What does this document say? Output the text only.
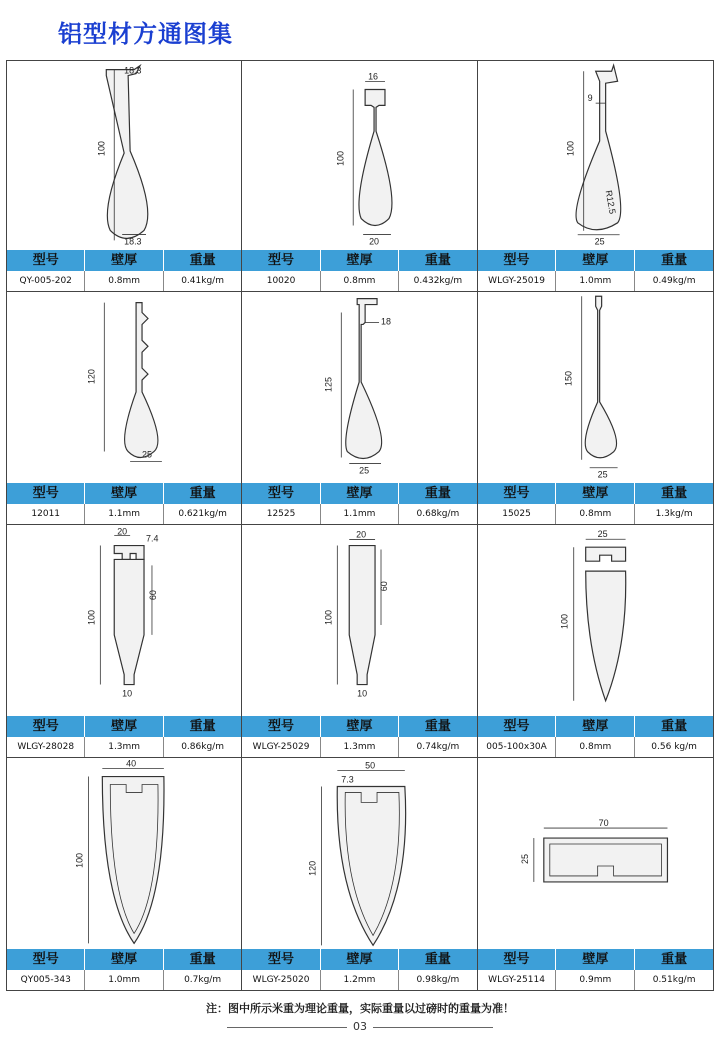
铝型材方通图集
100
18.3
18.3
型号	壁厚	重量
QY-005-202	0.8mm	0.41kg/m
100
16
20
型号	壁厚	重量
10020	0.8mm	0.432kg/m
100
9
R12.5
25
型号	壁厚	重量
WLGY-25019	1.0mm	0.49kg/m
120
25
型号	壁厚	重量
12011	1.1mm	0.621kg/m
125
18
25
型号	壁厚	重量
12525	1.1mm	0.68kg/m
150
25
型号	壁厚	重量
15025	0.8mm	1.3kg/m
20
7.4
60
100
10
型号	壁厚	重量
WLGY-28028	1.3mm	0.86kg/m
20
60
100
10
型号	壁厚	重量
WLGY-25029	1.3mm	0.74kg/m
25
100
型号	壁厚	重量
005-100x30A	0.8mm	0.56 kg/m
40
100
型号	壁厚	重量
QY005-343	1.0mm	0.7kg/m
50
7.3
120
型号	壁厚	重量
WLGY-25020	1.2mm	0.98kg/m
70
25
型号	壁厚	重量
WLGY-25114	0.9mm	0.51kg/m
注：图中所示米重为理论重量，实际重量以过磅时的重量为准！
03
